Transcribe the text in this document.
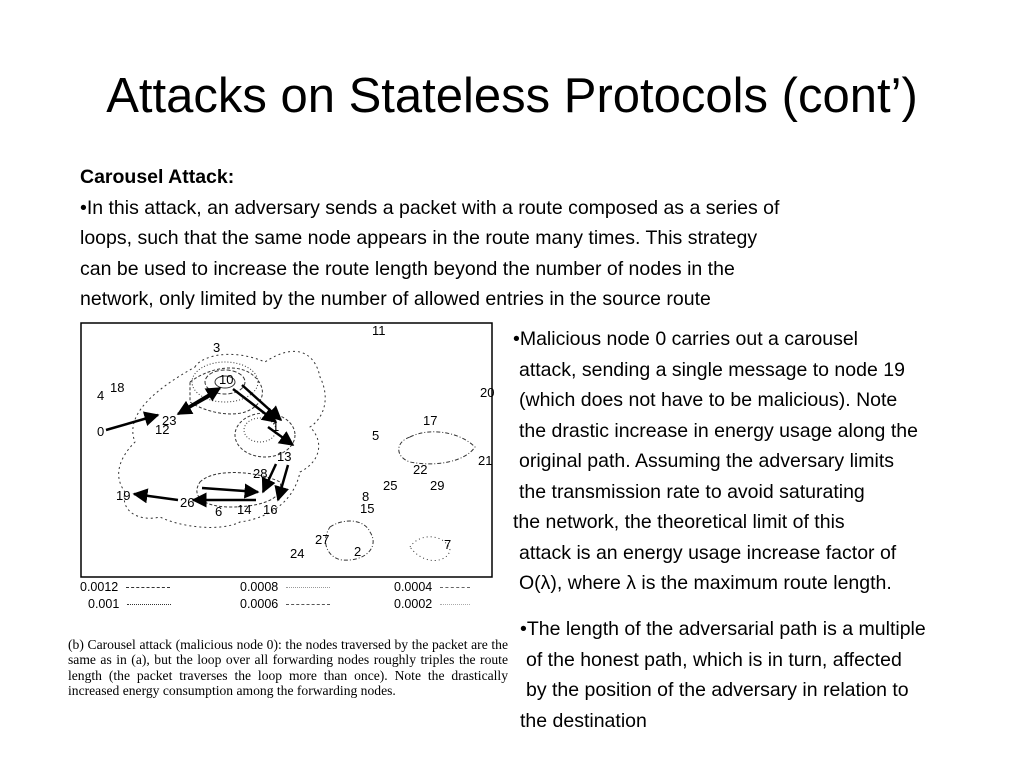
Attacks on Stateless Protocols (cont’)
Carousel Attack:
•In this attack, an adversary sends a packet with a route composed as a series of
loops, such that the same node appears in the route many times. This strategy
can be used to increase the route length beyond the number of nodes in the
network, only limited by the number of allowed entries in the source route
0	1
2
3
4
5
6
7
8
10
11
12
13
14	15
16
17
18
19
20
21
22
23
24
25
26
27
28
29
0.0012
0.001
0.0008
0.0006
0.0004
0.0002
(b) Carousel attack (malicious node 0): the nodes traversed by the packet are the same as in (a), but the loop over all forwarding nodes roughly triples the route length (the packet traverses the loop more than once). Note the drastically increased energy consumption among the forwarding nodes.
•Malicious node 0 carries out a carousel
attack, sending a single message to node 19
(which does not have to be malicious). Note
the drastic increase in energy usage along the
original path. Assuming the adversary limits
the transmission rate to avoid saturating
the network, the theoretical limit of this
attack is an energy usage increase factor of
O(λ), where λ is the maximum route length.
•The length of the adversarial path is a multiple
of the honest path, which is in turn, affected
by the position of the adversary in relation to
the destination
